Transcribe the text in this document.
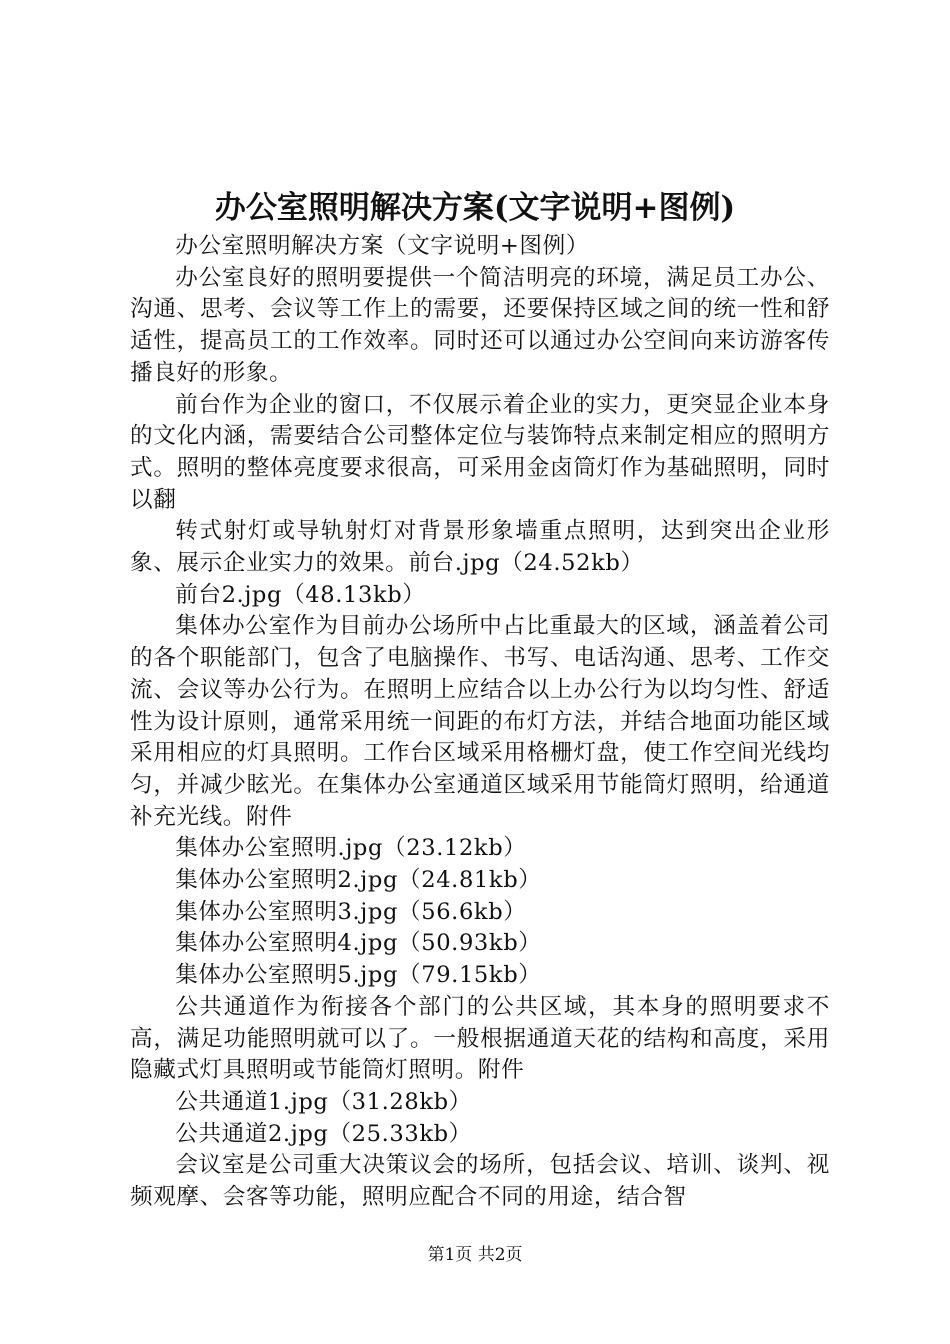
办公室照明解决方案(文字说明+图例)

办公室照明解决方案（文字说明+图例）

办公室良好的照明要提供一个简洁明亮的环境，满足员工办公、沟通、思考、会议等工作上的需要，还要保持区域之间的统一性和舒适性，提高员工的工作效率。同时还可以通过办公空间向来访游客传播良好的形象。

前台作为企业的窗口，不仅展示着企业的实力，更突显企业本身的文化内涵，需要结合公司整体定位与装饰特点来制定相应的照明方式。照明的整体亮度要求很高，可采用金卤筒灯作为基础照明，同时以翻

转式射灯或导轨射灯对背景形象墙重点照明，达到突出企业形象、展示企业实力的效果。前台.jpg（24.52kb）

前台2.jpg（48.13kb）

集体办公室作为目前办公场所中占比重最大的区域，涵盖着公司的各个职能部门，包含了电脑操作、书写、电话沟通、思考、工作交流、会议等办公行为。在照明上应结合以上办公行为以均匀性、舒适性为设计原则，通常采用统一间距的布灯方法，并结合地面功能区域采用相应的灯具照明。工作台区域采用格栅灯盘，使工作空间光线均匀，并减少眩光。在集体办公室通道区域采用节能筒灯照明，给通道补充光线。附件

集体办公室照明.jpg（23.12kb）

集体办公室照明2.jpg（24.81kb）

集体办公室照明3.jpg（56.6kb）

集体办公室照明4.jpg（50.93kb）

集体办公室照明5.jpg（79.15kb）

公共通道作为衔接各个部门的公共区域，其本身的照明要求不高，满足功能照明就可以了。一般根据通道天花的结构和高度，采用隐藏式灯具照明或节能筒灯照明。附件

公共通道1.jpg（31.28kb）

公共通道2.jpg（25.33kb）

会议室是公司重大决策议会的场所，包括会议、培训、谈判、视频观摩、会客等功能，照明应配合不同的用途，结合智

第1页 共2页
